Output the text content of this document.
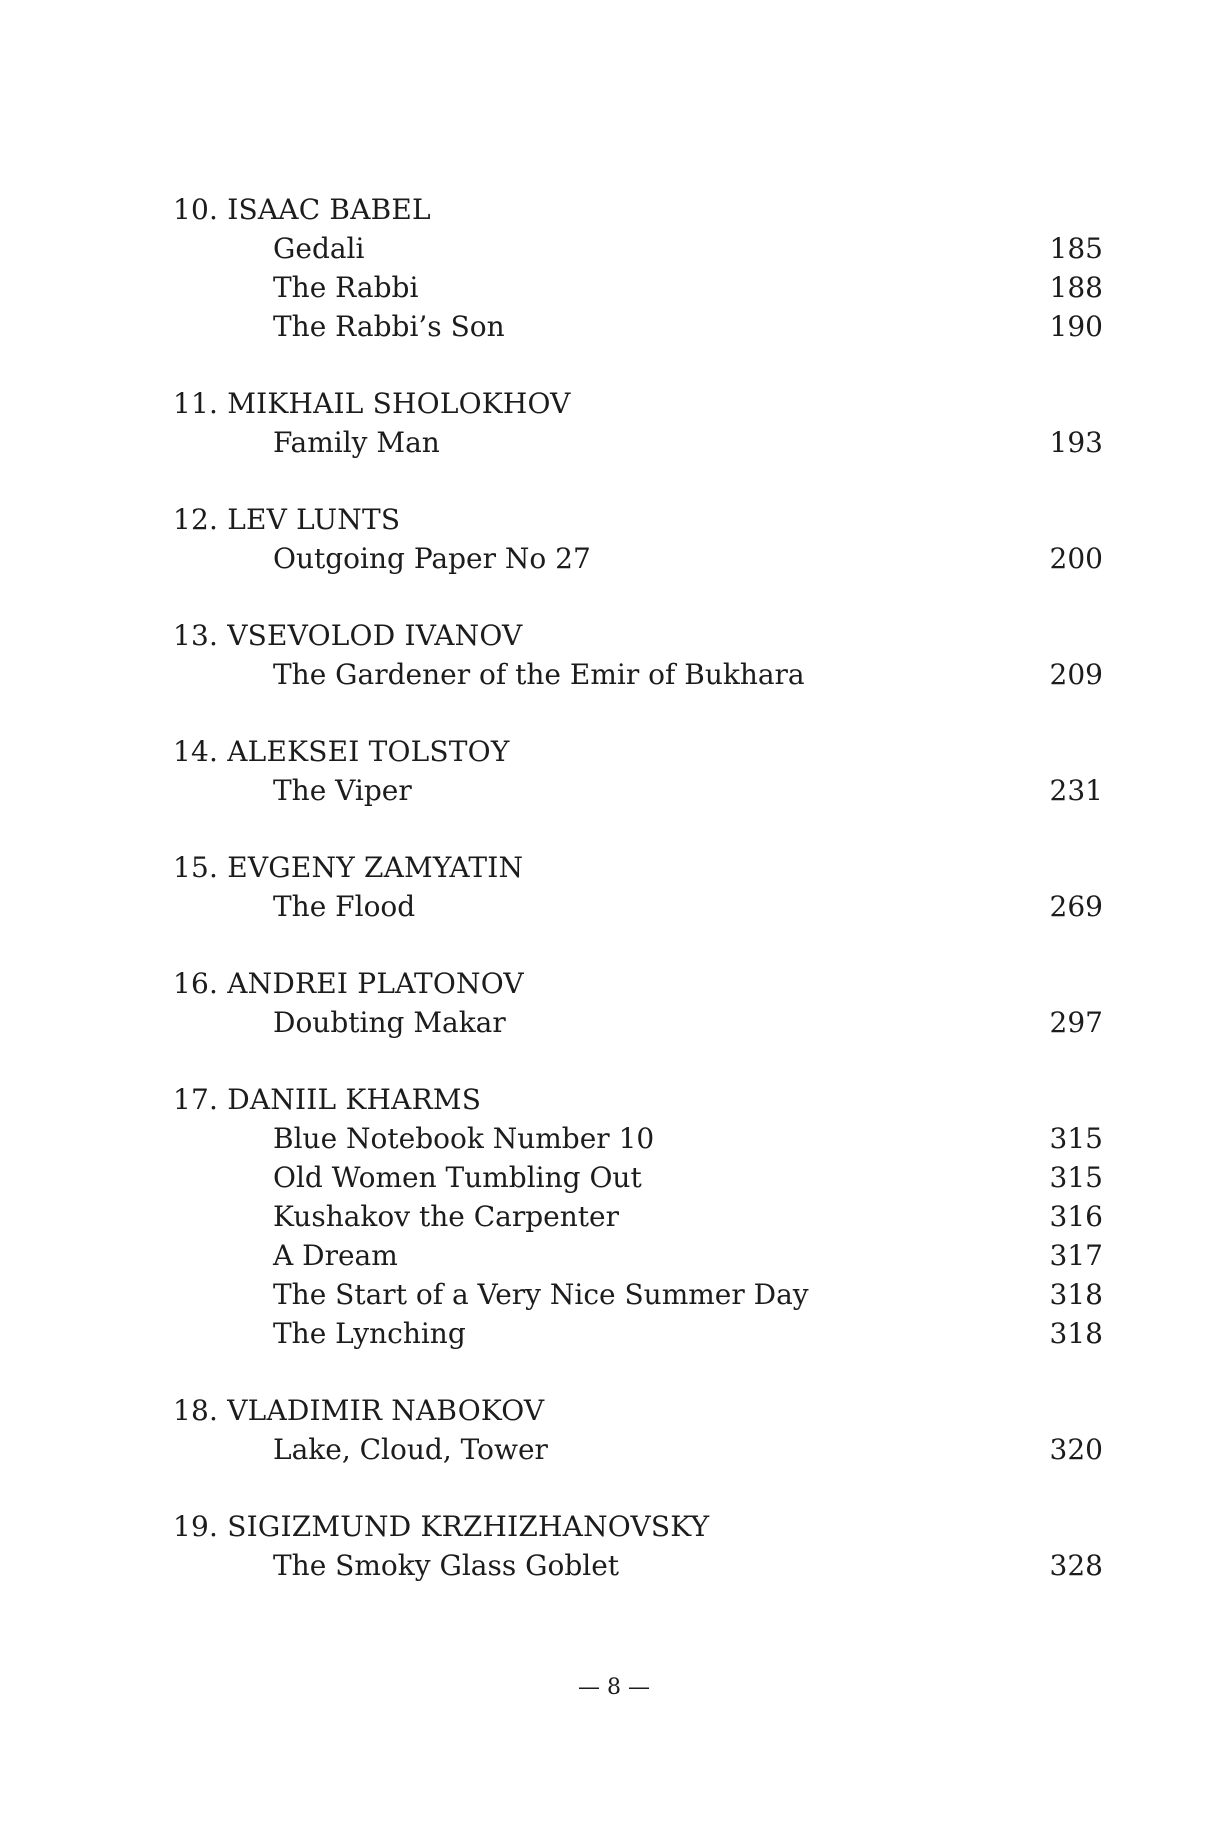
10. ISAAC BABEL
Gedali	185
The Rabbi	188
The Rabbi’s Son	190
11. MIKHAIL SHOLOKHOV
Family Man	193
12. LEV LUNTS
Outgoing Paper No 27	200
13. VSEVOLOD IVANOV
The Gardener of the Emir of Bukhara	209
14. ALEKSEI TOLSTOY
The Viper	231
15. EVGENY ZAMYATIN
The Flood	269
16. ANDREI PLATONOV
Doubting Makar	297
17. DANIIL KHARMS
Blue Notebook Number 10	315
Old Women Tumbling Out	315
Kushakov the Carpenter	316
A Dream	317
The Start of a Very Nice Summer Day	318
The Lynching	318
18. VLADIMIR NABOKOV
Lake, Cloud, Tower	320
19. SIGIZMUND KRZHIZHANOVSKY
The Smoky Glass Goblet	328
— 8 —
